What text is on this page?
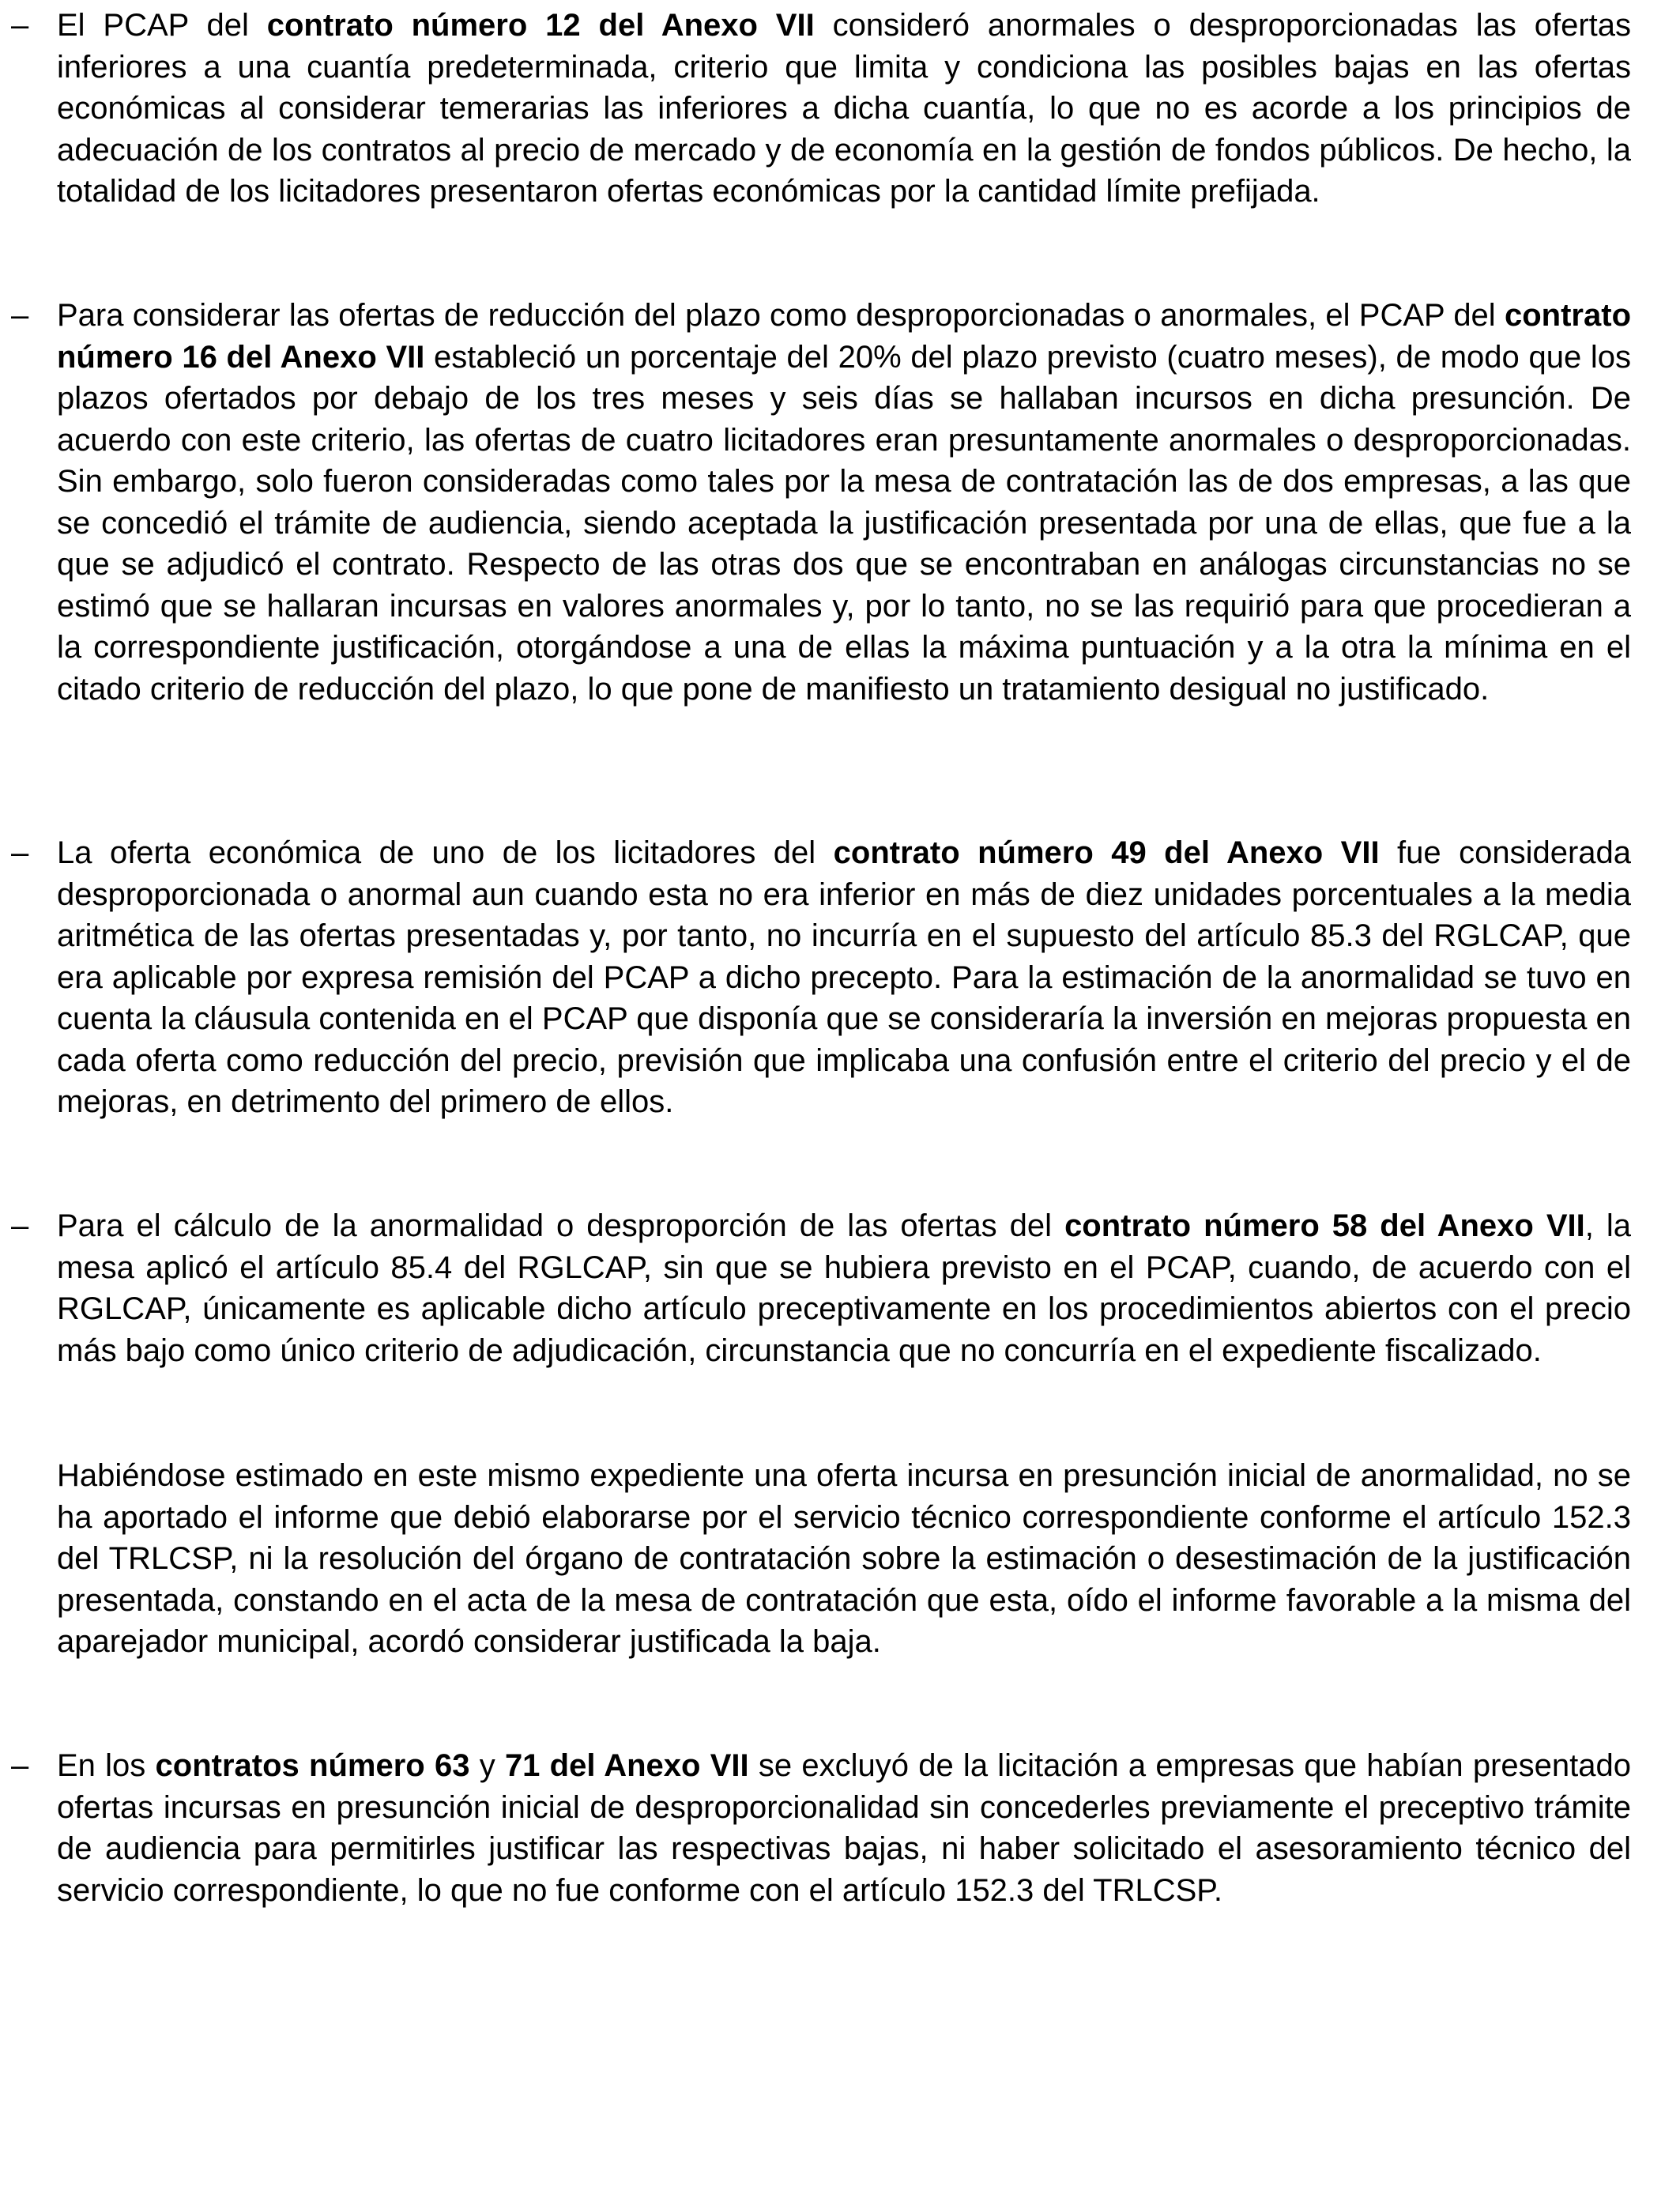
– El PCAP del contrato número 12 del Anexo VII consideró anormales o desproporcionadas las ofertas inferiores a una cuantía predeterminada, criterio que limita y condiciona las posibles bajas en las ofertas económicas al considerar temerarias las inferiores a dicha cuantía, lo que no es acorde a los principios de adecuación de los contratos al precio de mercado y de economía en la gestión de fondos públicos. De hecho, la totalidad de los licitadores presentaron ofertas económicas por la cantidad límite prefijada.

– Para considerar las ofertas de reducción del plazo como desproporcionadas o anormales, el PCAP del contrato número 16 del Anexo VII estableció un porcentaje del 20% del plazo previsto (cuatro meses), de modo que los plazos ofertados por debajo de los tres meses y seis días se hallaban incursos en dicha presunción. De acuerdo con este criterio, las ofertas de cuatro licitadores eran presuntamente anormales o desproporcionadas. Sin embargo, solo fueron consideradas como tales por la mesa de contratación las de dos empresas, a las que se concedió el trámite de audiencia, siendo aceptada la justificación presentada por una de ellas, que fue a la que se adjudicó el contrato. Respecto de las otras dos que se encontraban en análogas circunstancias no se estimó que se hallaran incursas en valores anormales y, por lo tanto, no se las requirió para que procedieran a la correspondiente justificación, otorgándose a una de ellas la máxima puntuación y a la otra la mínima en el citado criterio de reducción del plazo, lo que pone de manifiesto un tratamiento desigual no justificado.

– La oferta económica de uno de los licitadores del contrato número 49 del Anexo VII fue considerada desproporcionada o anormal aun cuando esta no era inferior en más de diez unidades porcentuales a la media aritmética de las ofertas presentadas y, por tanto, no incurría en el supuesto del artículo 85.3 del RGLCAP, que era aplicable por expresa remisión del PCAP a dicho precepto. Para la estimación de la anormalidad se tuvo en cuenta la cláusula contenida en el PCAP que disponía que se consideraría la inversión en mejoras propuesta en cada oferta como reducción del precio, previsión que implicaba una confusión entre el criterio del precio y el de mejoras, en detrimento del primero de ellos.

– Para el cálculo de la anormalidad o desproporción de las ofertas del contrato número 58 del Anexo VII, la mesa aplicó el artículo 85.4 del RGLCAP, sin que se hubiera previsto en el PCAP, cuando, de acuerdo con el RGLCAP, únicamente es aplicable dicho artículo preceptivamente en los procedimientos abiertos con el precio más bajo como único criterio de adjudicación, circunstancia que no concurría en el expediente fiscalizado.

Habiéndose estimado en este mismo expediente una oferta incursa en presunción inicial de anormalidad, no se ha aportado el informe que debió elaborarse por el servicio técnico correspondiente conforme el artículo 152.3 del TRLCSP, ni la resolución del órgano de contratación sobre la estimación o desestimación de la justificación presentada, constando en el acta de la mesa de contratación que esta, oído el informe favorable a la misma del aparejador municipal, acordó considerar justificada la baja.

– En los contratos número 63 y 71 del Anexo VII se excluyó de la licitación a empresas que habían presentado ofertas incursas en presunción inicial de desproporcionalidad sin concederles previamente el preceptivo trámite de audiencia para permitirles justificar las respectivas bajas, ni haber solicitado el asesoramiento técnico del servicio correspondiente, lo que no fue conforme con el artículo 152.3 del TRLCSP.
